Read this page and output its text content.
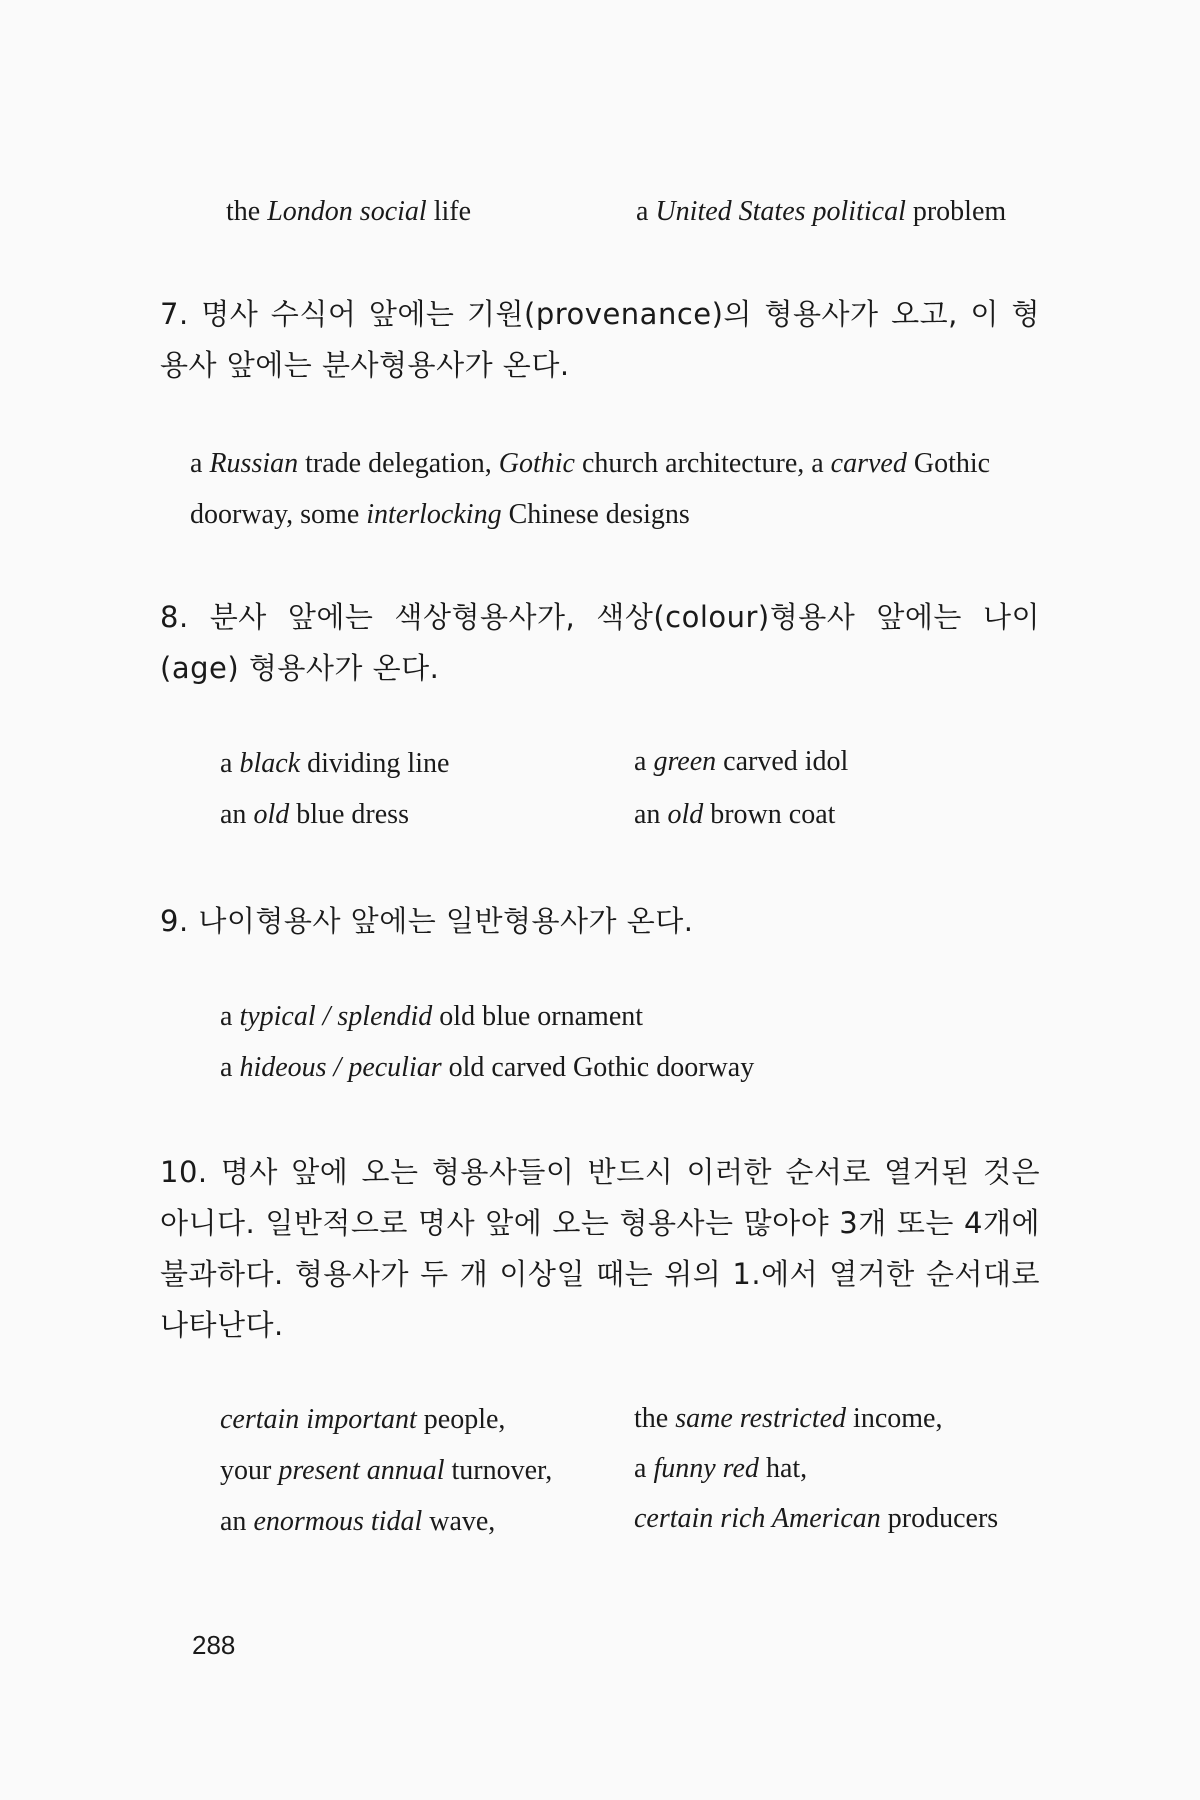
the London social life	a United States political problem
7. 명사 수식어 앞에는 기원(provenance)의 형용사가 오고, 이 형용사 앞에는 분사형용사가 온다.
a Russian trade delegation, Gothic church architecture, a carved Gothic doorway, some interlocking Chinese designs
8. 분사 앞에는 색상형용사가, 색상(colour)형용사 앞에는 나이(age) 형용사가 온다.
a black dividing line	a green carved idol
an old blue dress	an old brown coat
9. 나이형용사 앞에는 일반형용사가 온다.
a typical / splendid old blue ornament
a hideous / peculiar old carved Gothic doorway
10. 명사 앞에 오는 형용사들이 반드시 이러한 순서로 열거된 것은 아니다. 일반적으로 명사 앞에 오는 형용사는 많아야 3개 또는 4개에 불과하다. 형용사가 두 개 이상일 때는 위의 1.에서 열거한 순서대로 나타난다.
certain important people,	the same restricted income,
your present annual turnover,	a funny red hat,
an enormous tidal wave,	certain rich American producers
288
